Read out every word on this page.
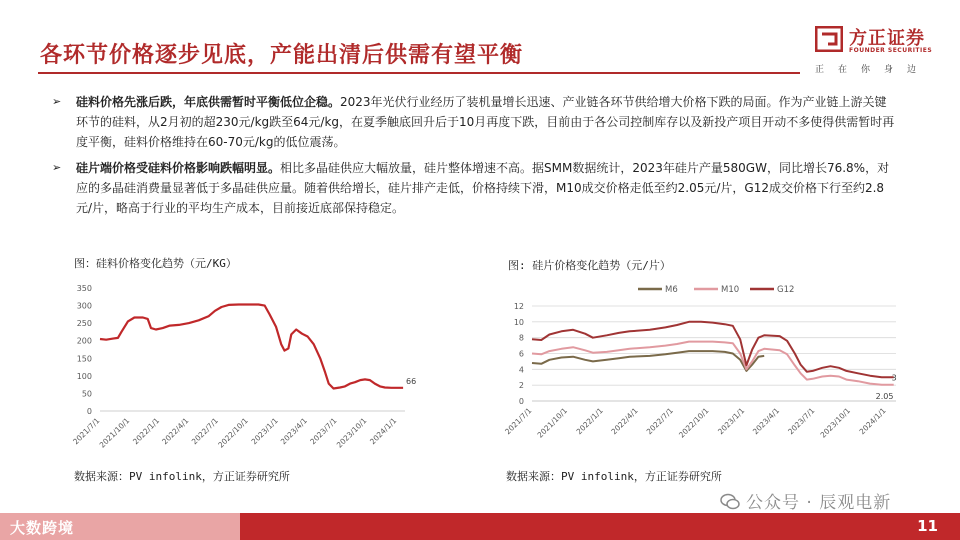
各环节价格逐步见底，产能出清后供需有望平衡
方正证券
FOUNDER SECURITIES
正在你身边
➢ 硅料价格先涨后跌，年底供需暂时平衡低位企稳。2023年光伏行业经历了装机量增长迅速、产业链各环节供给增大价格下跌的局面。作为产业链上游关键环节的硅料，从2月初的超230元/kg跌至64元/kg，在夏季触底回升后于10月再度下跌，目前由于各公司控制库存以及新投产项目开动不多使得供需暂时再度平衡，硅料价格维持在60-70元/kg的低位震荡。
➢ 硅片端价格受硅料价格影响跌幅明显。相比多晶硅供应大幅放量，硅片整体增速不高。据SMM数据统计，2023年硅片产量580GW，同比增长76.8%，对应的多晶硅消费量显著低于多晶硅供应量。随着供给增长，硅片排产走低，价格持续下滑，M10成交价格走低至约2.05元/片，G12成交价格下行至约2.8元/片，略高于行业的平均生产成本，目前接近底部保持稳定。
图：硅料价格变化趋势（元/KG）
0
50
100
150
200
250
300
350
2021/7/1
2021/10/1 2022/1/1 2022/4/1 2022/7/1
2022/10/1 2023/1/1 2023/4/1 2023/7/1
2023/10/1 2024/1/1
66
数据来源：PV infolink，方正证券研究所
图: 硅片价格变化趋势（元/片）
0
2
4
6
8
10
12
2021/7/1 2021/10/1 2022/1/1 2022/4/1 2022/7/1 2022/10/1 2023/1/1 2023/4/1 2023/7/1 2023/10/1 2024/1/1
M6	M10	G12
3
2.05
数据来源：PV infolink，方正证券研究所
公众号 · 辰观电新
大数跨境	11
